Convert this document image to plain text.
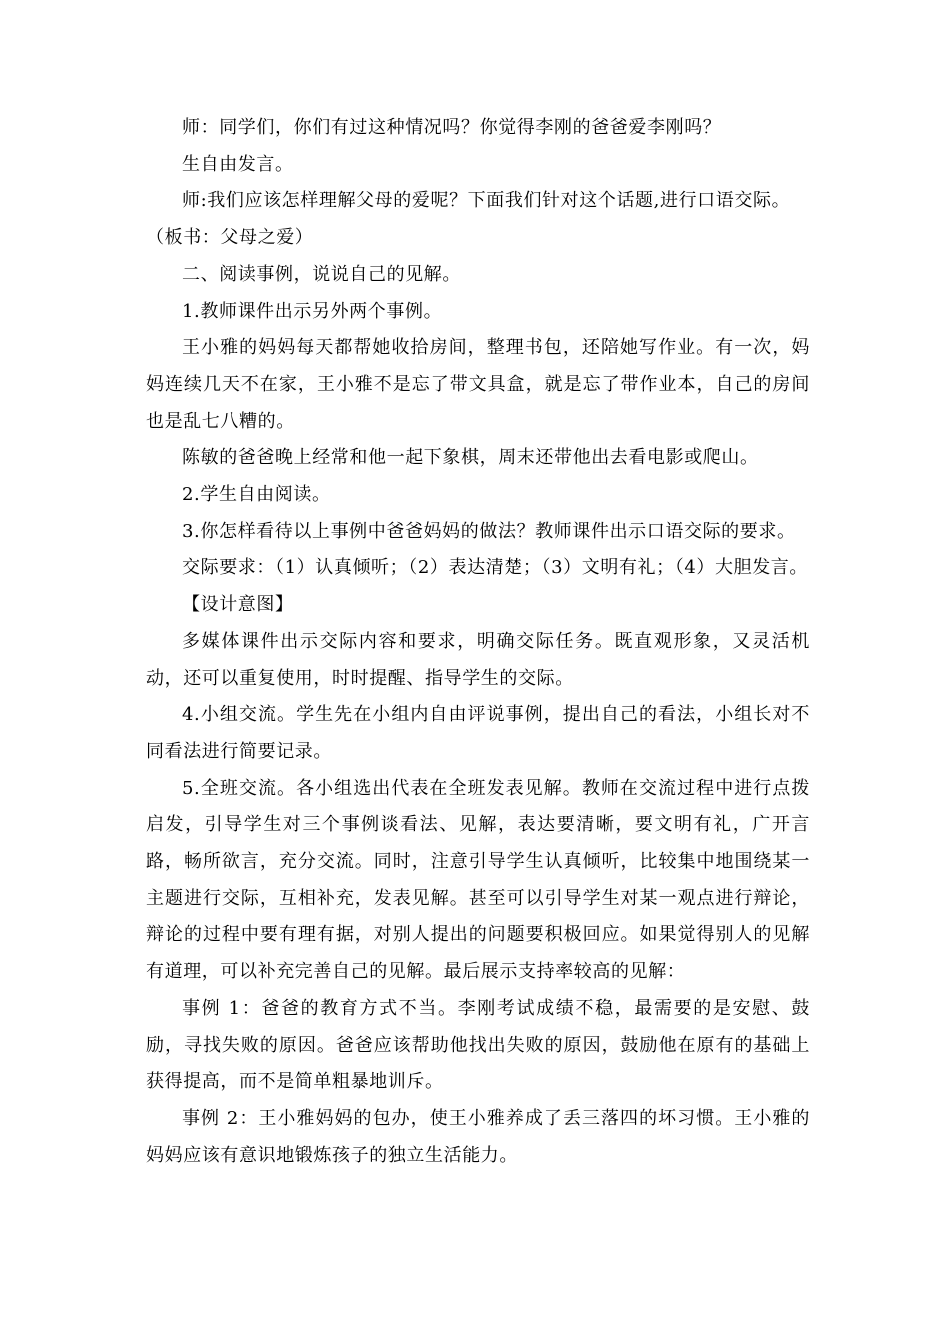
师：同学们，你们有过这种情况吗？你觉得李刚的爸爸爱李刚吗？

生自由发言。

师:我们应该怎样理解父母的爱呢？下面我们针对这个话题,进行口语交际。

（板书：父母之爱）

二、阅读事例，说说自己的见解。

1.教师课件出示另外两个事例。

王小雅的妈妈每天都帮她收拾房间，整理书包，还陪她写作业。有一次，妈妈连续几天不在家，王小雅不是忘了带文具盒，就是忘了带作业本，自己的房间也是乱七八糟的。

陈敏的爸爸晚上经常和他一起下象棋，周末还带他出去看电影或爬山。

2.学生自由阅读。

3.你怎样看待以上事例中爸爸妈妈的做法？教师课件出示口语交际的要求。

交际要求：（1）认真倾听；（2）表达清楚；（3）文明有礼；（4）大胆发言。

【设计意图】

多媒体课件出示交际内容和要求，明确交际任务。既直观形象，又灵活机动，还可以重复使用，时时提醒、指导学生的交际。

4.小组交流。学生先在小组内自由评说事例，提出自己的看法，小组长对不同看法进行简要记录。

5.全班交流。各小组选出代表在全班发表见解。教师在交流过程中进行点拨启发，引导学生对三个事例谈看法、见解，表达要清晰，要文明有礼，广开言路，畅所欲言，充分交流。同时，注意引导学生认真倾听，比较集中地围绕某一主题进行交际，互相补充，发表见解。甚至可以引导学生对某一观点进行辩论，辩论的过程中要有理有据，对别人提出的问题要积极回应。如果觉得别人的见解有道理，可以补充完善自己的见解。最后展示支持率较高的见解：

事例 1：爸爸的教育方式不当。李刚考试成绩不稳，最需要的是安慰、鼓励，寻找失败的原因。爸爸应该帮助他找出失败的原因，鼓励他在原有的基础上获得提高，而不是简单粗暴地训斥。

事例 2：王小雅妈妈的包办，使王小雅养成了丢三落四的坏习惯。王小雅的妈妈应该有意识地锻炼孩子的独立生活能力。
